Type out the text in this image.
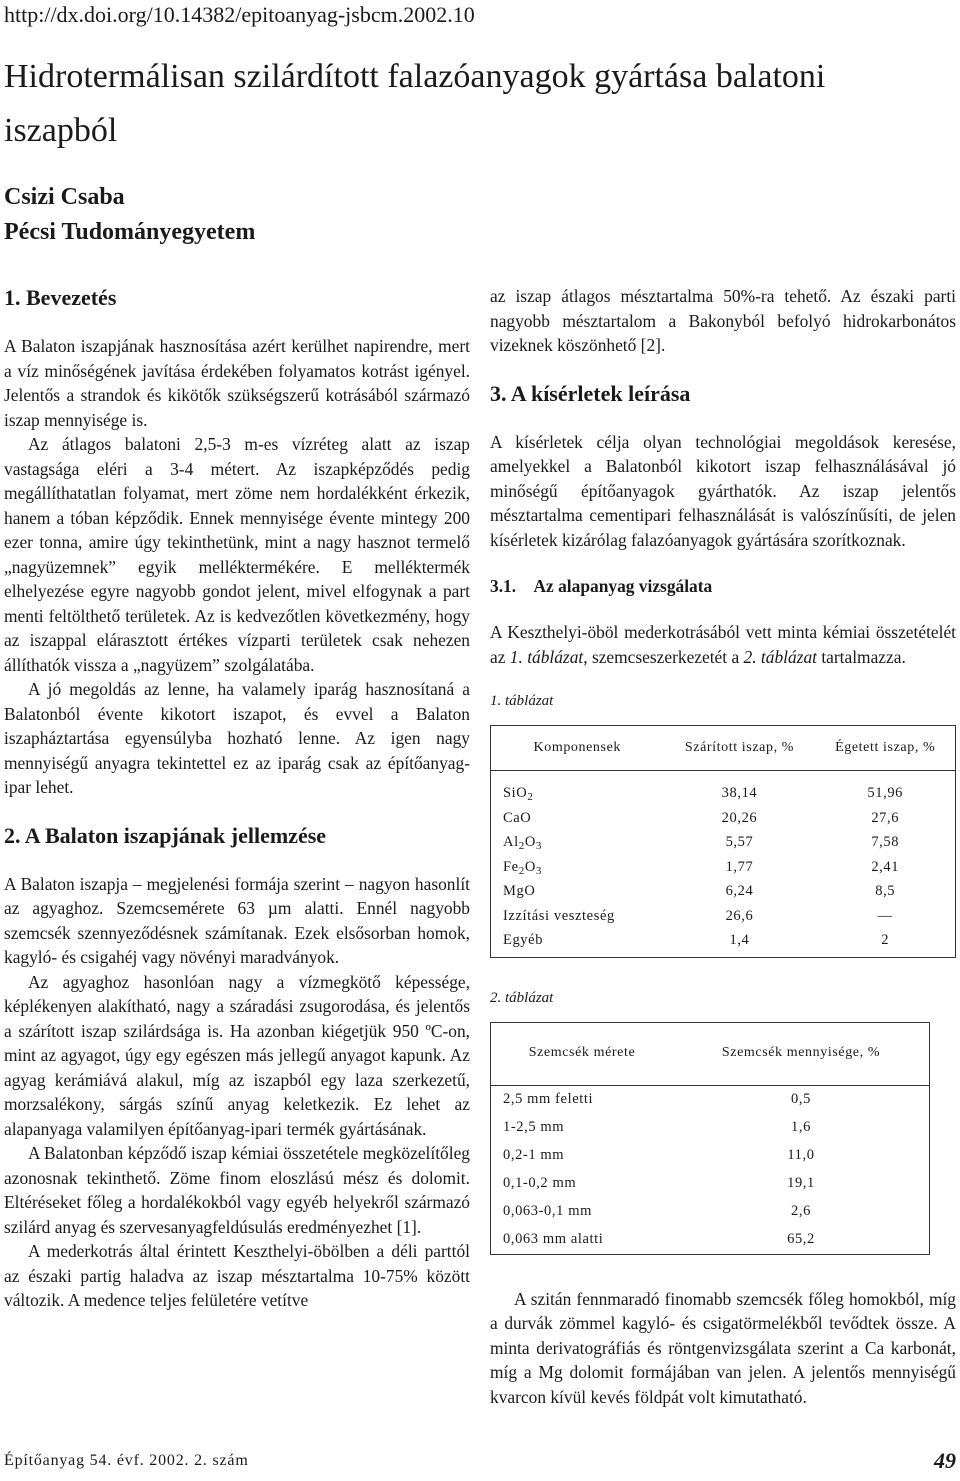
http://dx.doi.org/10.14382/epitoanyag-jsbcm.2002.10
Hidrotermálisan szilárdított falazóanyagok gyártása balatoni iszapból
Csizi Csaba
Pécsi Tudományegyetem
1. Bevezetés

A Balaton iszapjának hasznosítása azért kerülhet napirendre, mert a víz minőségének javítása érdekében folyamatos kotrást igényel. Jelentős a strandok és kikötők szükségszerű kotrásából származó iszap mennyisége is.

Az átlagos balatoni 2,5-3 m-es vízréteg alatt az iszap vastagsága eléri a 3-4 métert. Az iszapképződés pedig megállíthatatlan folyamat, mert zöme nem hordalékként érkezik, hanem a tóban képződik. Ennek mennyisége évente mintegy 200 ezer tonna, amire úgy tekinthetünk, mint a nagy hasznot termelő „nagyüzemnek” egyik melléktermékére. E melléktermék elhelyezése egyre nagyobb gondot jelent, mivel elfogynak a part menti feltölthető területek. Az is kedvezőtlen következmény, hogy az iszappal elárasztott értékes vízparti területek csak nehezen állíthatók vissza a „nagyüzem” szolgálatába.

A jó megoldás az lenne, ha valamely iparág hasznosítaná a Balatonból évente kikotort iszapot, és evvel a Balaton iszapháztartása egyensúlyba hozható lenne. Az igen nagy mennyiségű anyagra tekintettel ez az iparág csak az építőanyag-ipar lehet.

2. A Balaton iszapjának jellemzése

A Balaton iszapja – megjelenési formája szerint – nagyon hasonlít az agyaghoz. Szemcsemérete 63 µm alatti. Ennél nagyobb szemcsék szennyeződésnek számítanak. Ezek elsősorban homok, kagyló- és csigahéj vagy növényi maradványok.

Az agyaghoz hasonlóan nagy a vízmegkötő képessége, képlékenyen alakítható, nagy a száradási zsugorodása, és jelentős a szárított iszap szilárdsága is. Ha azonban kiégetjük 950 ºC-on, mint az agyagot, úgy egy egészen más jellegű anyagot kapunk. Az agyag kerámiává alakul, míg az iszapból egy laza szerkezetű, morzsalékony, sárgás színű anyag keletkezik. Ez lehet az alapanyaga valamilyen építőanyag-ipari termék gyártásának.

A Balatonban képződő iszap kémiai összetétele megközelítőleg azonosnak tekinthető. Zöme finom eloszlású mész és dolomit. Eltéréseket főleg a hordalékokból vagy egyéb helyekről származó szilárd anyag és szervesanyagfeldúsulás eredményezhet [1].

A mederkotrás által érintett Keszthelyi-öbölben a déli parttól az északi partig haladva az iszap mésztartalma 10-75% között változik. A medence teljes felületére vetítve

az iszap átlagos mésztartalma 50%-ra tehető. Az északi parti nagyobb mésztartalom a Bakonyból befolyó hidrokarbonátos vizeknek köszönhető [2].

3. A kísérletek leírása

A kísérletek célja olyan technológiai megoldások keresése, amelyekkel a Balatonból kikotort iszap felhasználásával jó minőségű építőanyagok gyárthatók. Az iszap jelentős mésztartalma cementipari felhasználását is valószínűsíti, de jelen kísérletek kizárólag falazóanyagok gyártására szorítkoznak.

3.1. Az alapanyag vizsgálata

A Keszthelyi-öböl mederkotrásából vett minta kémiai összetételét az 1. táblázat, szemcseszerkezetét a 2. táblázat tartalmazza.

1. táblázat

Komponensek	Szárított iszap, %	Égetett iszap, %
SiO$_2$	38,14	51,96
CaO	20,26	27,6
$Al_2O_3$	5,57	7,58
$Fe_2O_3$	1,77	2,41
MgO	6,24	8,5
Izzítási veszteség	26,6	—
Egyéb	1,4	2

2. táblázat

Szemcsék mérete	Szemcsék mennyisége, %
2,5 mm feletti	0,5
1-2,5 mm	1,6
0,2-1 mm	11,0
0,1-0,2 mm	19,1
0,063-0,1 mm	2,6
0,063 mm alatti	65,2

A szitán fennmaradó finomabb szemcsék főleg homokból, míg a durvák zömmel kagyló- és csigatörmelékből tevődtek össze. A minta derivatográfiás és röntgenvizsgálata szerint a Ca karbonát, míg a Mg dolomit formájában van jelen. A jelentős mennyiségű kvarcon kívül kevés földpát volt kimutatható.

Építőanyag 54. évf. 2002. 2. szám	49
